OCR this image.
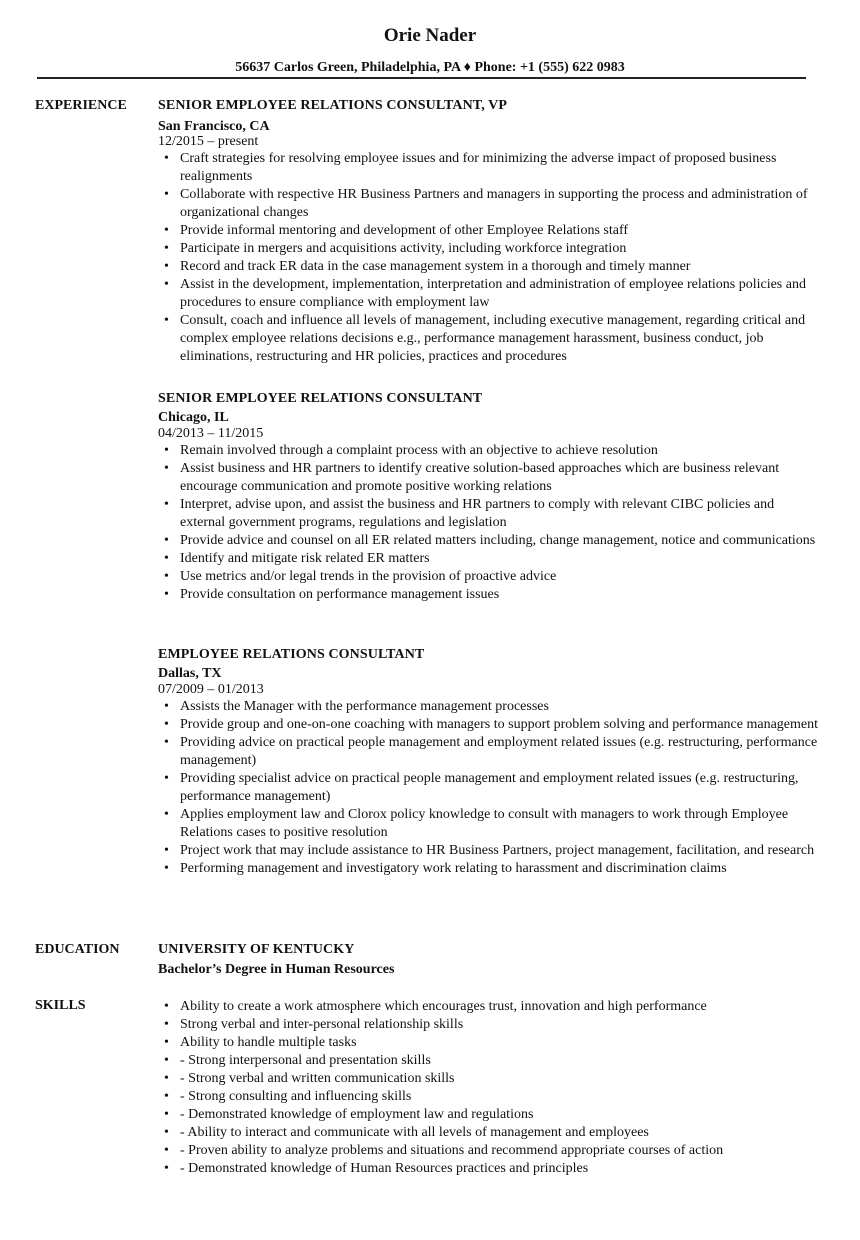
Orie Nader
56637 Carlos Green, Philadelphia, PA ♦ Phone: +1 (555) 622 0983
EXPERIENCE SENIOR EMPLOYEE RELATIONS CONSULTANT, VP
San Francisco, CA
12/2015 – present
• Craft strategies for resolving employee issues and for minimizing the adverse impact of proposed business realignments
• Collaborate with respective HR Business Partners and managers in supporting the process and administration of organizational changes
• Provide informal mentoring and development of other Employee Relations staff
• Participate in mergers and acquisitions activity, including workforce integration
• Record and track ER data in the case management system in a thorough and timely manner
• Assist in the development, implementation, interpretation and administration of employee relations policies and procedures to ensure compliance with employment law
• Consult, coach and influence all levels of management, including executive management, regarding critical and complex employee relations decisions e.g., performance management harassment, business conduct, job eliminations, restructuring and HR policies, practices and procedures
SENIOR EMPLOYEE RELATIONS CONSULTANT
Chicago, IL
04/2013 – 11/2015
• Remain involved through a complaint process with an objective to achieve resolution
• Assist business and HR partners to identify creative solution-based approaches which are business relevant encourage communication and promote positive working relations
• Interpret, advise upon, and assist the business and HR partners to comply with relevant CIBC policies and external government programs, regulations and legislation
• Provide advice and counsel on all ER related matters including, change management, notice and communications
• Identify and mitigate risk related ER matters
• Use metrics and/or legal trends in the provision of proactive advice
• Provide consultation on performance management issues
EMPLOYEE RELATIONS CONSULTANT
Dallas, TX
07/2009 – 01/2013
• Assists the Manager with the performance management processes
• Provide group and one-on-one coaching with managers to support problem solving and performance management
• Providing advice on practical people management and employment related issues (e.g. restructuring, performance management)
• Providing specialist advice on practical people management and employment related issues (e.g. restructuring, performance management)
• Applies employment law and Clorox policy knowledge to consult with managers to work through Employee Relations cases to positive resolution
• Project work that may include assistance to HR Business Partners, project management, facilitation, and research
• Performing management and investigatory work relating to harassment and discrimination claims
EDUCATION	UNIVERSITY OF KENTUCKY
Bachelor’s Degree in Human Resources
SKILLS	• Ability to create a work atmosphere which encourages trust, innovation and high performance
• Strong verbal and inter-personal relationship skills
• Ability to handle multiple tasks
• - Strong interpersonal and presentation skills
• - Strong verbal and written communication skills
• - Strong consulting and influencing skills
• - Demonstrated knowledge of employment law and regulations
• - Ability to interact and communicate with all levels of management and employees
• - Proven ability to analyze problems and situations and recommend appropriate courses of action
• - Demonstrated knowledge of Human Resources practices and principles
